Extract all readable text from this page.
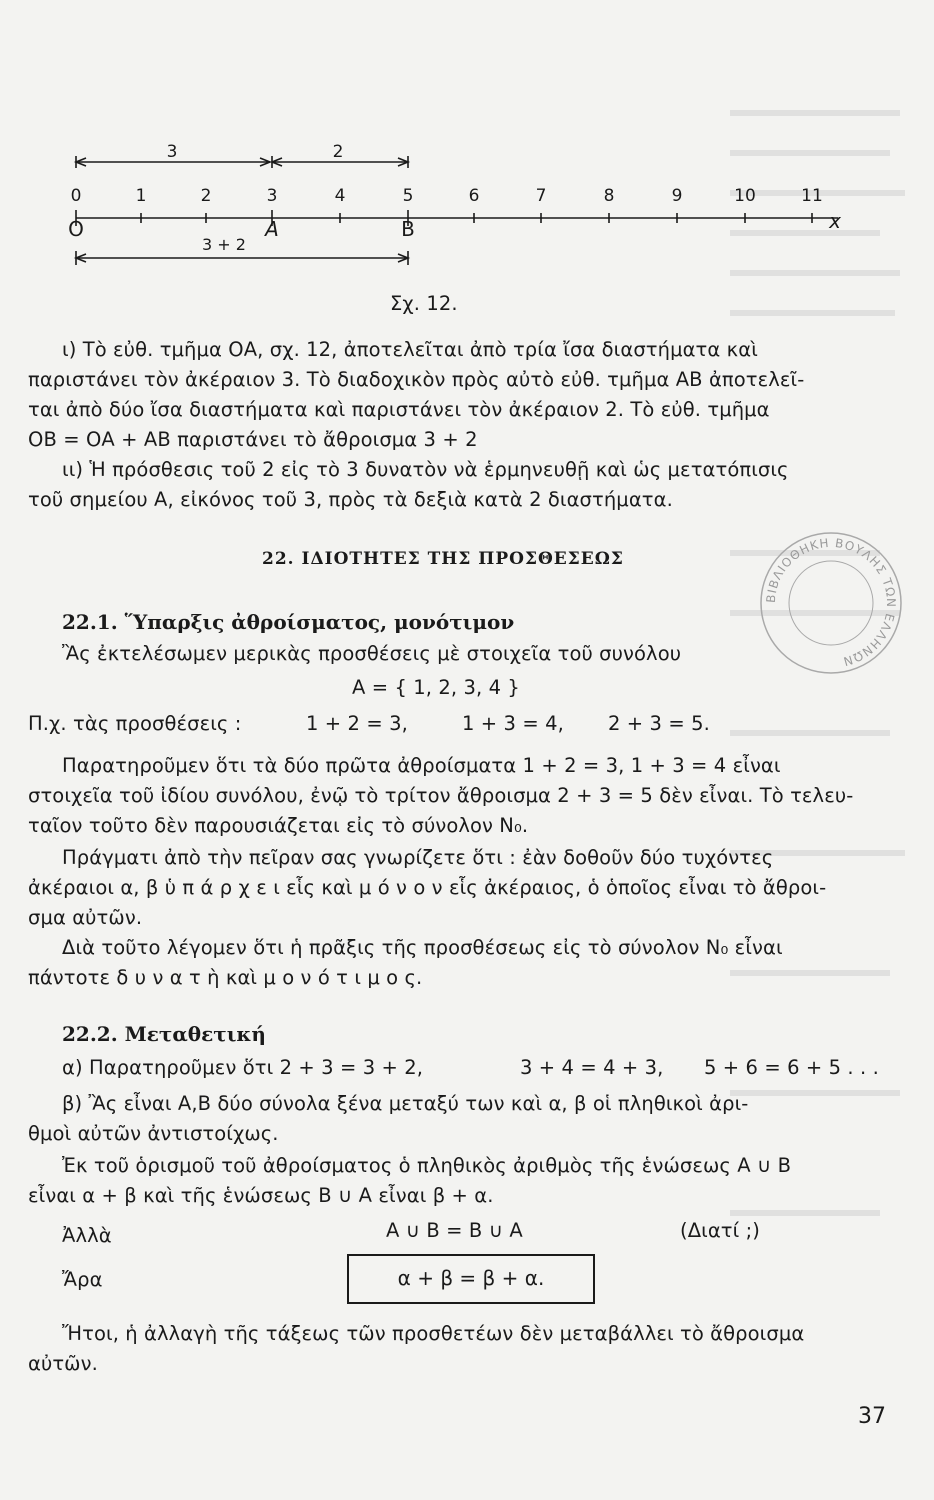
3	2
0	1	2	3	4	5	6	7	8	9	10	11
O	A	B	x
3 + 2
Σχ. 12.
ι) Τὸ εὐθ. τμῆμα ΟΑ, σχ. 12, ἀποτελεῖται ἀπὸ τρία ἴσα διαστήματα καὶ
παριστάνει τὸν ἀκέραιον 3. Τὸ διαδοχικὸν πρὸς αὐτὸ εὐθ. τμῆμα ΑΒ ἀποτελεῖ-
ται ἀπὸ δύο ἴσα διαστήματα καὶ παριστάνει τὸν ἀκέραιον 2. Τὸ εὐθ. τμῆμα
ΟΒ = ΟΑ + ΑΒ παριστάνει τὸ ἄθροισμα 3 + 2
ιι) Ἡ πρόσθεσις τοῦ 2 εἰς τὸ 3 δυνατὸν νὰ ἑρμηνευθῇ καὶ ὡς μετατόπισις
τοῦ σημείου Α, εἰκόνος τοῦ 3, πρὸς τὰ δεξιὰ κατὰ 2 διαστήματα.
22. ΙΔΙΟΤΗΤΕΣ ΤΗΣ ΠΡΟΣΘΕΣΕΩΣ
22.1. Ὕπαρξις ἀθροίσματος, μονότιμον
Ἂς ἐκτελέσωμεν μερικὰς προσθέσεις μὲ στοιχεῖα τοῦ συνόλου
Α = { 1, 2, 3, 4 }
Π.χ. τὰς προσθέσεις :	1 + 2 = 3,	1 + 3 = 4, 2 + 3 = 5.
Παρατηροῦμεν ὅτι τὰ δύο πρῶτα ἀθροίσματα 1 + 2 = 3, 1 + 3 = 4 εἶναι
στοιχεῖα τοῦ ἰδίου συνόλου, ἐνῷ τὸ τρίτον ἄθροισμα 2 + 3 = 5 δὲν εἶναι. Τὸ τελευ-
ταῖον τοῦτο δὲν παρουσιάζεται εἰς τὸ σύνολον N₀.
Πράγματι ἀπὸ τὴν πεῖραν σας γνωρίζετε ὅτι : ἐὰν δοθοῦν δύο τυχόντες
ἀκέραιοι α, β ὑ π ά ρ χ ε ι εἷς καὶ μ ό ν ο ν εἷς ἀκέραιος, ὁ ὁποῖος εἶναι τὸ ἄθροι-
σμα αὐτῶν.
Διὰ τοῦτο λέγομεν ὅτι ἡ πρᾶξις τῆς προσθέσεως εἰς τὸ σύνολον N₀ εἶναι
πάντοτε δ υ ν α τ ὴ καὶ μ ο ν ό τ ι μ ο ς.
22.2. Μεταθετική
α) Παρατηροῦμεν ὅτι 2 + 3 = 3 + 2,	3 + 4 = 4 + 3, 5 + 6 = 6 + 5 . . .
β) Ἂς εἶναι Α,Β δύο σύνολα ξένα μεταξύ των καὶ α, β οἱ πληθικοὶ ἀρι-
θμοὶ αὐτῶν ἀντιστοίχως.
Ἐκ τοῦ ὁρισμοῦ τοῦ ἀθροίσματος ὁ πληθικὸς ἀριθμὸς τῆς ἑνώσεως Α ∪ Β
εἶναι α + β καὶ τῆς ἑνώσεως Β ∪ Α εἶναι β + α.
Ἀλλὰ	Α ∪ Β = Β ∪ Α	(Διατί ;)
Ἄρα	α + β = β + α.
Ἤτοι, ἡ ἀλλαγὴ τῆς τάξεως τῶν προσθετέων δὲν μεταβάλλει τὸ ἄθροισμα
αὐτῶν.
ΒΙΒΛΙΟΘΗΚΗ ΒΟΥΛΗΣ ΤΩΝ ΕΛΛΗΝΩΝ
37
